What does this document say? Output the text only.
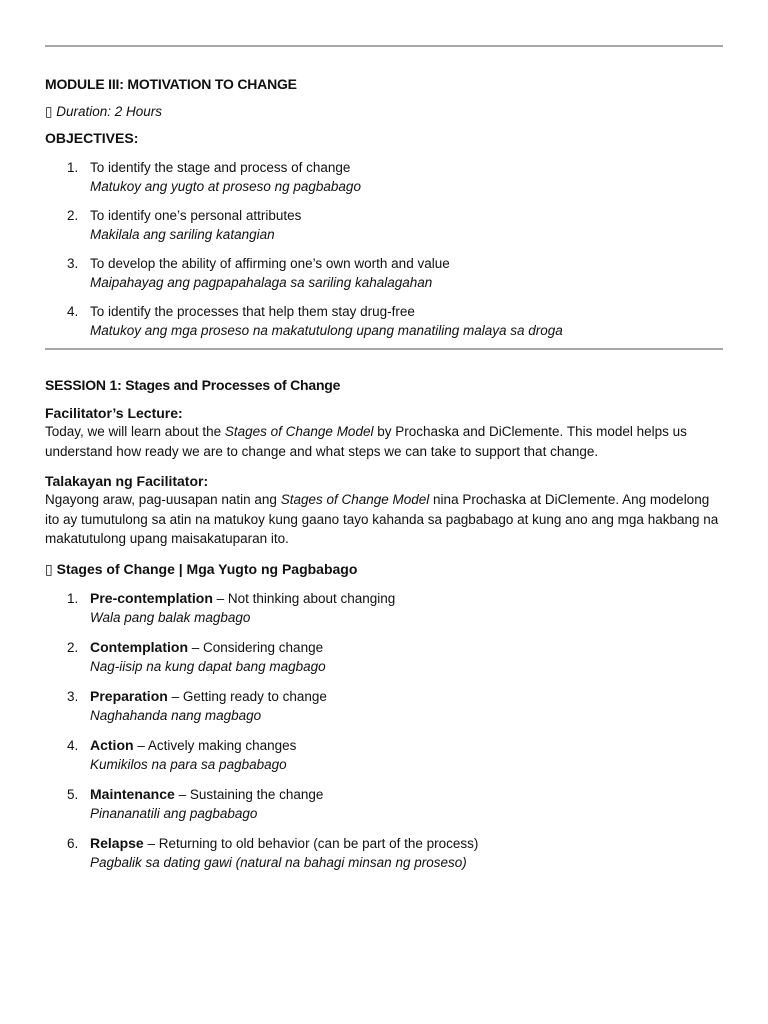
MODULE III: MOTIVATION TO CHANGE
▯ Duration: 2 Hours
OBJECTIVES:
1. To identify the stage and process of change
Matukoy ang yugto at proseso ng pagbabago
2. To identify one’s personal attributes
Makilala ang sariling katangian
3. To develop the ability of affirming one’s own worth and value
Maipahayag ang pagpapahalaga sa sariling kahalagahan
4. To identify the processes that help them stay drug-free
Matukoy ang mga proseso na makatutulong upang manatiling malaya sa droga
SESSION 1: Stages and Processes of Change
Facilitator’s Lecture:
Today, we will learn about the Stages of Change Model by Prochaska and DiClemente. This model helps us understand how ready we are to change and what steps we can take to support that change.
Talakayan ng Facilitator:
Ngayong araw, pag-uusapan natin ang Stages of Change Model nina Prochaska at DiClemente. Ang modelong ito ay tumutulong sa atin na matukoy kung gaano tayo kahanda sa pagbabago at kung ano ang mga hakbang na makatutulong upang maisakatuparan ito.
▯ Stages of Change | Mga Yugto ng Pagbabago
1. Pre-contemplation – Not thinking about changing
Wala pang balak magbago
2. Contemplation – Considering change
Nag-iisip na kung dapat bang magbago
3. Preparation – Getting ready to change
Naghahanda nang magbago
4. Action – Actively making changes
Kumikilos na para sa pagbabago
5. Maintenance – Sustaining the change
Pinananatili ang pagbabago
6. Relapse – Returning to old behavior (can be part of the process)
Pagbalik sa dating gawi (natural na bahagi minsan ng proseso)
